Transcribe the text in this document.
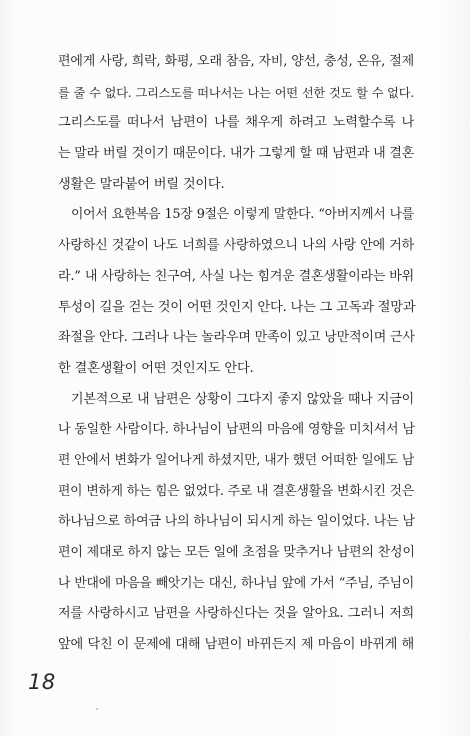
편에게 사랑, 희락, 화평, 오래 참음, 자비, 양선, 충성, 온유, 절제
를 줄 수 없다. 그리스도를 떠나서는 나는 어떤 선한 것도 할 수 없다.
그리스도를 떠나서 남편이 나를 채우게 하려고 노력할수록 나
는 말라 버릴 것이기 때문이다. 내가 그렇게 할 때 남편과 내 결혼
생활은 말라붙어 버릴 것이다.
이어서 요한복음 15장 9절은 이렇게 말한다. “아버지께서 나를
사랑하신 것같이 나도 너희를 사랑하였으니 나의 사랑 안에 거하
라.” 내 사랑하는 친구여, 사실 나는 힘겨운 결혼생활이라는 바위
투성이 길을 걷는 것이 어떤 것인지 안다. 나는 그 고독과 절망과
좌절을 안다. 그러나 나는 놀라우며 만족이 있고 낭만적이며 근사
한 결혼생활이 어떤 것인지도 안다.
기본적으로 내 남편은 상황이 그다지 좋지 않았을 때나 지금이
나 동일한 사람이다. 하나님이 남편의 마음에 영향을 미치셔서 남
편 안에서 변화가 일어나게 하셨지만, 내가 했던 어떠한 일에도 남
편이 변하게 하는 힘은 없었다. 주로 내 결혼생활을 변화시킨 것은
하나님으로 하여금 나의 하나님이 되시게 하는 일이었다. 나는 남
편이 제대로 하지 않는 모든 일에 초점을 맞추거나 남편의 찬성이
나 반대에 마음을 빼앗기는 대신, 하나님 앞에 가서 “주님, 주님이
저를 사랑하시고 남편을 사랑하신다는 것을 알아요. 그러니 저희
앞에 닥친 이 문제에 대해 남편이 바뀌든지 제 마음이 바뀌게 해
18
